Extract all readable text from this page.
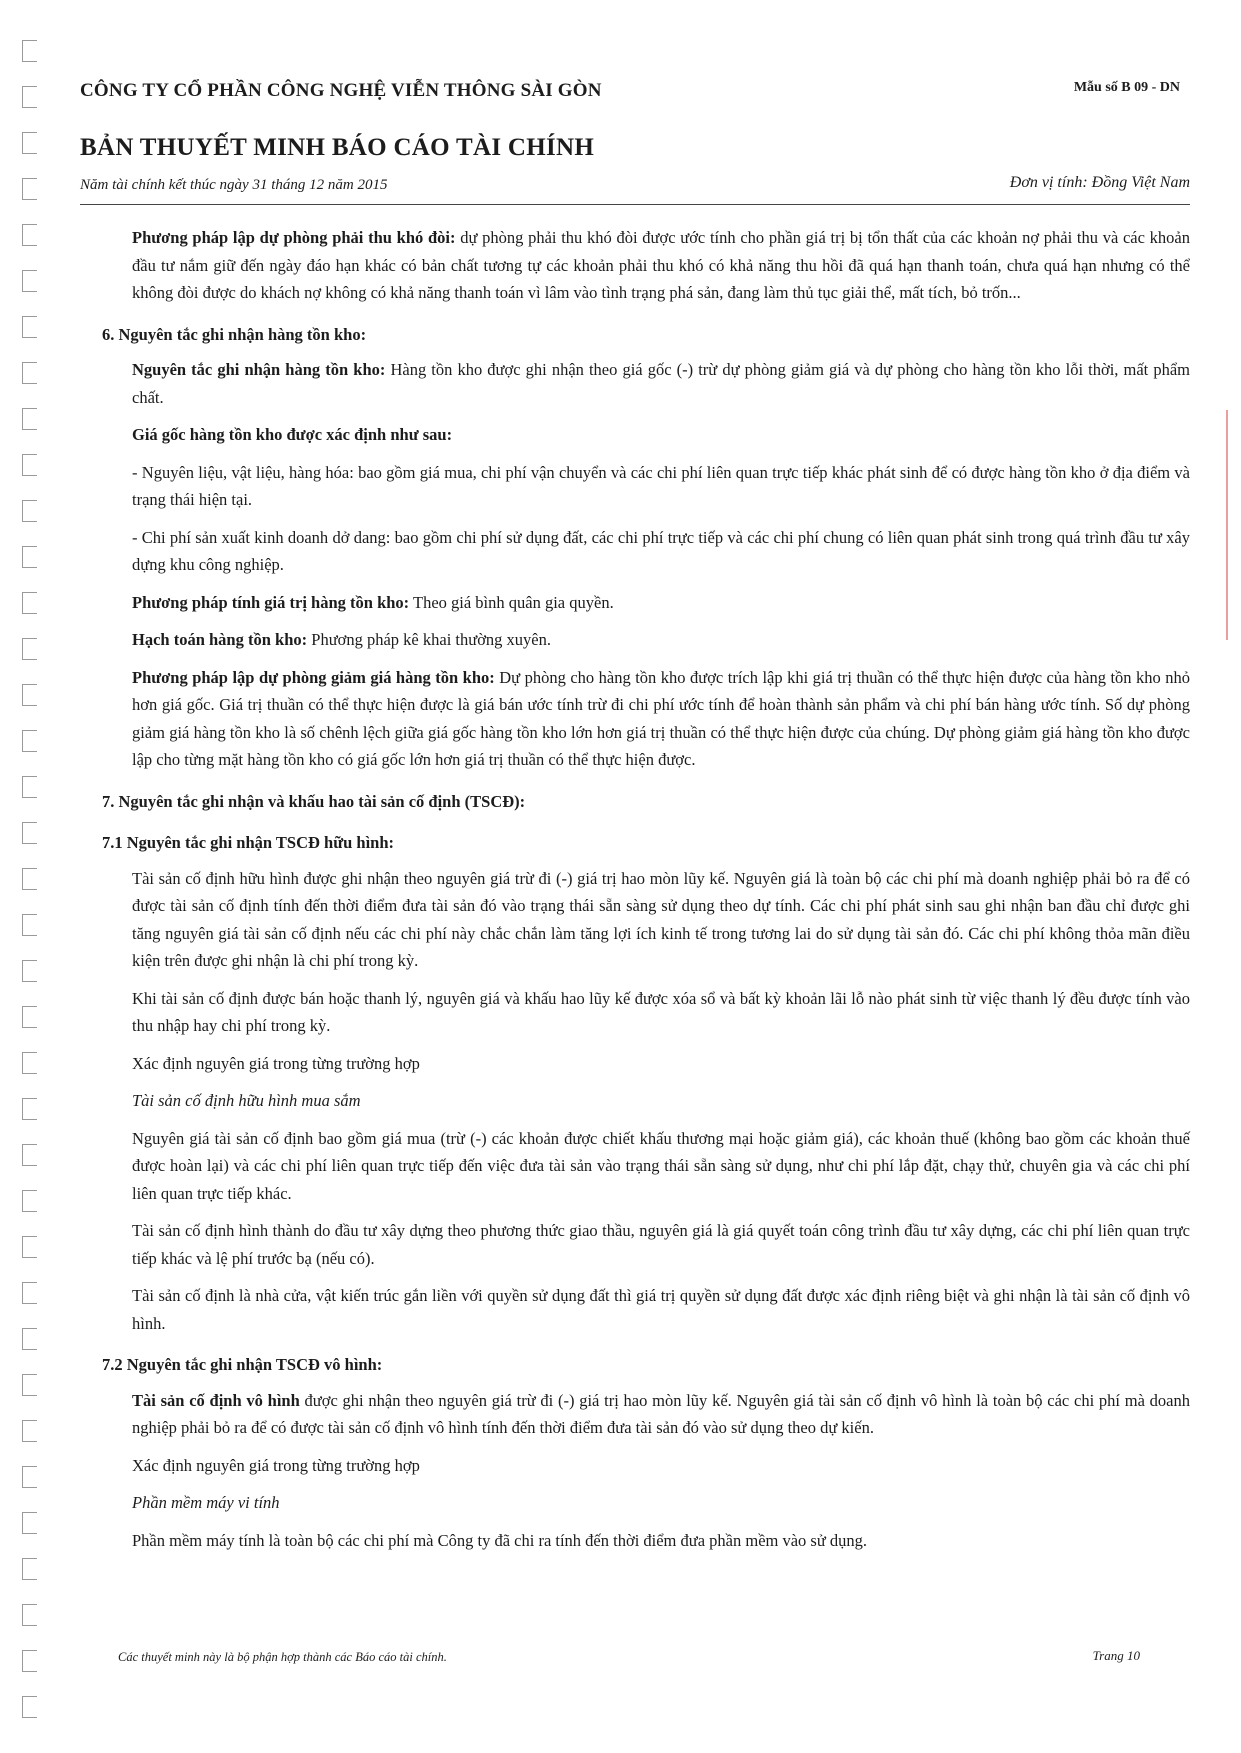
CÔNG TY CỔ PHẦN CÔNG NGHỆ VIỄN THÔNG SÀI GÒN	Mẫu số B 09 - DN
BẢN THUYẾT MINH BÁO CÁO TÀI CHÍNH
Năm tài chính kết thúc ngày 31 tháng 12 năm 2015	Đơn vị tính: Đồng Việt Nam

Phương pháp lập dự phòng phải thu khó đòi: dự phòng phải thu khó đòi được ước tính cho phần giá trị bị tổn thất của các khoản nợ phải thu và các khoản đầu tư nắm giữ đến ngày đáo hạn khác có bản chất tương tự các khoản phải thu khó có khả năng thu hồi đã quá hạn thanh toán, chưa quá hạn nhưng có thể không đòi được do khách nợ không có khả năng thanh toán vì lâm vào tình trạng phá sản, đang làm thủ tục giải thể, mất tích, bỏ trốn...

6. Nguyên tắc ghi nhận hàng tồn kho:

Nguyên tắc ghi nhận hàng tồn kho: Hàng tồn kho được ghi nhận theo giá gốc (-) trừ dự phòng giảm giá và dự phòng cho hàng tồn kho lỗi thời, mất phẩm chất.

Giá gốc hàng tồn kho được xác định như sau:

- Nguyên liệu, vật liệu, hàng hóa: bao gồm giá mua, chi phí vận chuyển và các chi phí liên quan trực tiếp khác phát sinh để có được hàng tồn kho ở địa điểm và trạng thái hiện tại.

- Chi phí sản xuất kinh doanh dở dang: bao gồm chi phí sử dụng đất, các chi phí trực tiếp và các chi phí chung có liên quan phát sinh trong quá trình đầu tư xây dựng khu công nghiệp.

Phương pháp tính giá trị hàng tồn kho: Theo giá bình quân gia quyền.

Hạch toán hàng tồn kho: Phương pháp kê khai thường xuyên.

Phương pháp lập dự phòng giảm giá hàng tồn kho: Dự phòng cho hàng tồn kho được trích lập khi giá trị thuần có thể thực hiện được của hàng tồn kho nhỏ hơn giá gốc. Giá trị thuần có thể thực hiện được là giá bán ước tính trừ đi chi phí ước tính để hoàn thành sản phẩm và chi phí bán hàng ước tính. Số dự phòng giảm giá hàng tồn kho là số chênh lệch giữa giá gốc hàng tồn kho lớn hơn giá trị thuần có thể thực hiện được của chúng. Dự phòng giảm giá hàng tồn kho được lập cho từng mặt hàng tồn kho có giá gốc lớn hơn giá trị thuần có thể thực hiện được.

7. Nguyên tắc ghi nhận và khấu hao tài sản cố định (TSCĐ):
7.1 Nguyên tắc ghi nhận TSCĐ hữu hình:

Tài sản cố định hữu hình được ghi nhận theo nguyên giá trừ đi (-) giá trị hao mòn lũy kế. Nguyên giá là toàn bộ các chi phí mà doanh nghiệp phải bỏ ra để có được tài sản cố định tính đến thời điểm đưa tài sản đó vào trạng thái sẵn sàng sử dụng theo dự tính. Các chi phí phát sinh sau ghi nhận ban đầu chỉ được ghi tăng nguyên giá tài sản cố định nếu các chi phí này chắc chắn làm tăng lợi ích kinh tế trong tương lai do sử dụng tài sản đó. Các chi phí không thỏa mãn điều kiện trên được ghi nhận là chi phí trong kỳ.

Khi tài sản cố định được bán hoặc thanh lý, nguyên giá và khấu hao lũy kế được xóa sổ và bất kỳ khoản lãi lỗ nào phát sinh từ việc thanh lý đều được tính vào thu nhập hay chi phí trong kỳ.

Xác định nguyên giá trong từng trường hợp

Tài sản cố định hữu hình mua sắm

Nguyên giá tài sản cố định bao gồm giá mua (trừ (-) các khoản được chiết khấu thương mại hoặc giảm giá), các khoản thuế (không bao gồm các khoản thuế được hoàn lại) và các chi phí liên quan trực tiếp đến việc đưa tài sản vào trạng thái sẵn sàng sử dụng, như chi phí lắp đặt, chạy thử, chuyên gia và các chi phí liên quan trực tiếp khác.

Tài sản cố định hình thành do đầu tư xây dựng theo phương thức giao thầu, nguyên giá là giá quyết toán công trình đầu tư xây dựng, các chi phí liên quan trực tiếp khác và lệ phí trước bạ (nếu có).

Tài sản cố định là nhà cửa, vật kiến trúc gắn liền với quyền sử dụng đất thì giá trị quyền sử dụng đất được xác định riêng biệt và ghi nhận là tài sản cố định vô hình.

7.2 Nguyên tắc ghi nhận TSCĐ vô hình:

Tài sản cố định vô hình được ghi nhận theo nguyên giá trừ đi (-) giá trị hao mòn lũy kế. Nguyên giá tài sản cố định vô hình là toàn bộ các chi phí mà doanh nghiệp phải bỏ ra để có được tài sản cố định vô hình tính đến thời điểm đưa tài sản đó vào sử dụng theo dự kiến.

Xác định nguyên giá trong từng trường hợp

Phần mềm máy vi tính

Phần mềm máy tính là toàn bộ các chi phí mà Công ty đã chi ra tính đến thời điểm đưa phần mềm vào sử dụng.

Các thuyết minh này là bộ phận hợp thành các Báo cáo tài chính.	Trang 10
